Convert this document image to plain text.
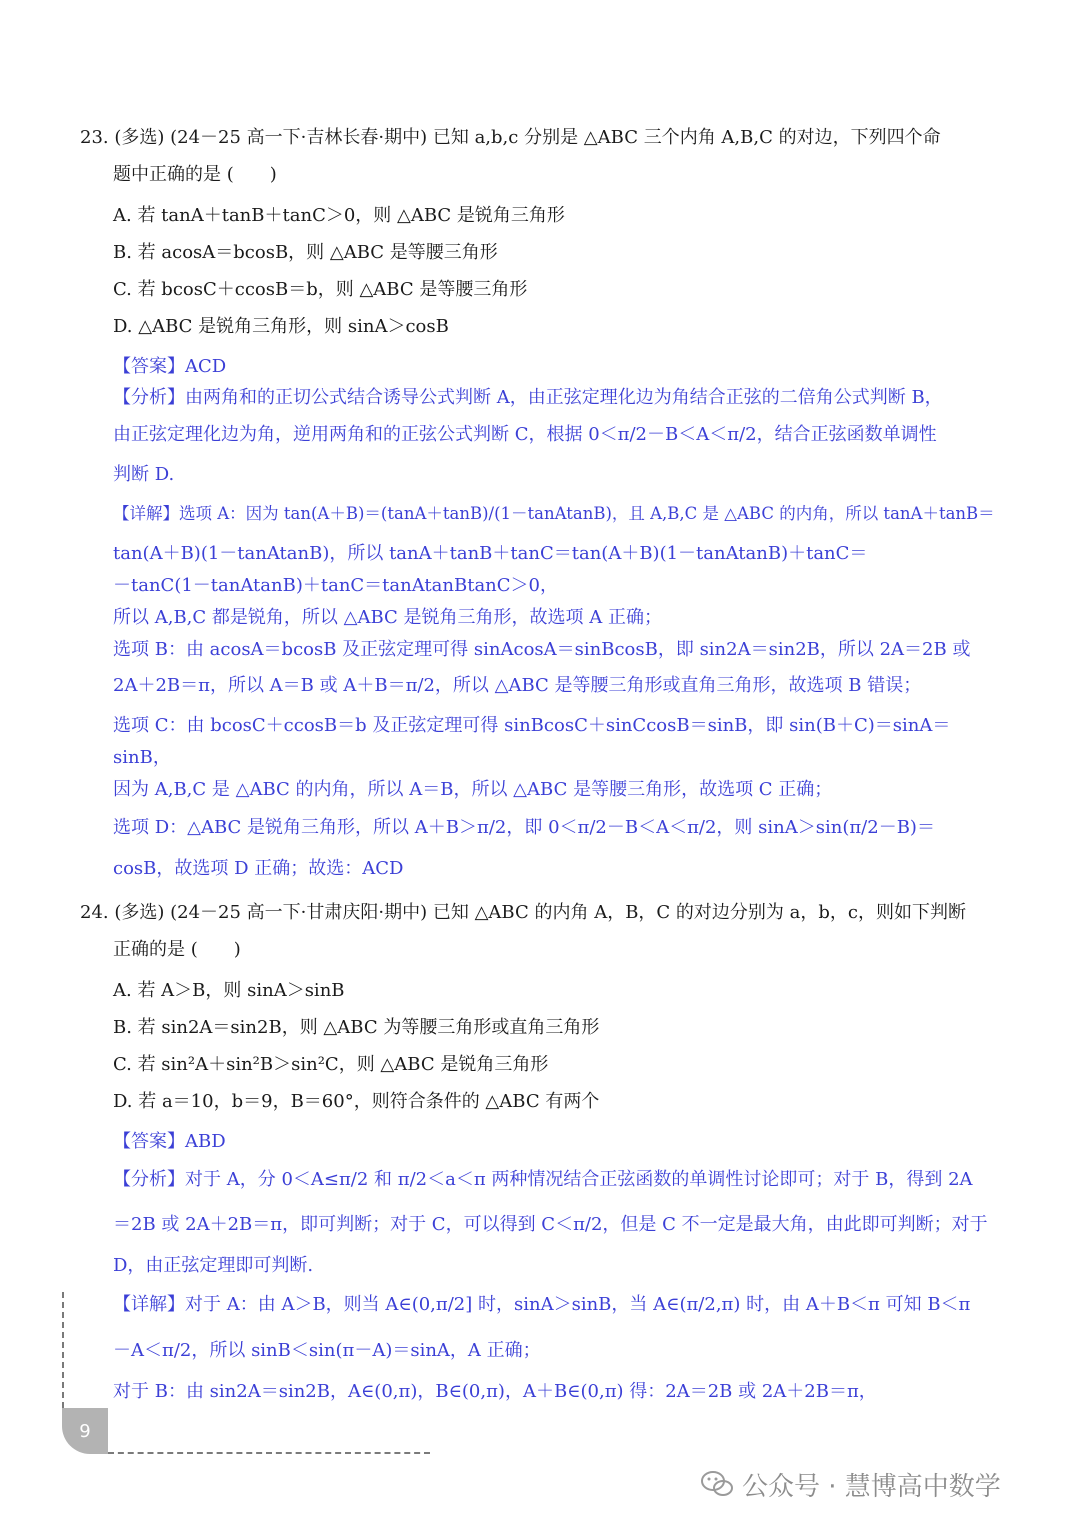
23. (多选) (24－25 高一下·吉林长春·期中) 已知 a,b,c 分别是 △ABC 三个内角 A,B,C 的对边，下列四个命
题中正确的是 (　　)
A. 若 tanA＋tanB＋tanC＞0，则 △ABC 是锐角三角形
B. 若 acosA＝bcosB，则 △ABC 是等腰三角形
C. 若 bcosC＋ccosB＝b，则 △ABC 是等腰三角形
D. △ABC 是锐角三角形，则 sinA＞cosB
【答案】ACD
【分析】由两角和的正切公式结合诱导公式判断 A，由正弦定理化边为角结合正弦的二倍角公式判断 B，
由正弦定理化边为角，逆用两角和的正弦公式判断 C，根据 0＜π/2－B＜A＜π/2，结合正弦函数单调性
判断 D.
【详解】选项 A：因为 tan(A＋B)＝(tanA＋tanB)/(1－tanAtanB)，且 A,B,C 是 △ABC 的内角，所以 tanA＋tanB＝
tan(A＋B)(1－tanAtanB)，所以 tanA＋tanB＋tanC＝tan(A＋B)(1－tanAtanB)＋tanC＝
－tanC(1－tanAtanB)＋tanC＝tanAtanBtanC＞0，
所以 A,B,C 都是锐角，所以 △ABC 是锐角三角形，故选项 A 正确；
选项 B：由 acosA＝bcosB 及正弦定理可得 sinAcosA＝sinBcosB，即 sin2A＝sin2B，所以 2A＝2B 或
2A＋2B＝π，所以 A＝B 或 A＋B＝π/2，所以 △ABC 是等腰三角形或直角三角形，故选项 B 错误；
选项 C：由 bcosC＋ccosB＝b 及正弦定理可得 sinBcosC＋sinCcosB＝sinB，即 sin(B＋C)＝sinA＝
sinB，
因为 A,B,C 是 △ABC 的内角，所以 A＝B，所以 △ABC 是等腰三角形，故选项 C 正确；
选项 D：△ABC 是锐角三角形，所以 A＋B＞π/2，即 0＜π/2－B＜A＜π/2，则 sinA＞sin(π/2－B)＝
cosB，故选项 D 正确；故选：ACD
24. (多选) (24－25 高一下·甘肃庆阳·期中) 已知 △ABC 的内角 A，B，C 的对边分别为 a，b，c，则如下判断
正确的是 (　　)
A. 若 A＞B，则 sinA＞sinB
B. 若 sin2A＝sin2B，则 △ABC 为等腰三角形或直角三角形
C. 若 sin²A＋sin²B＞sin²C，则 △ABC 是锐角三角形
D. 若 a＝10，b＝9，B＝60°，则符合条件的 △ABC 有两个
【答案】ABD
【分析】对于 A，分 0＜A≤π/2 和 π/2＜a＜π 两种情况结合正弦函数的单调性讨论即可；对于 B，得到 2A
＝2B 或 2A＋2B＝π，即可判断；对于 C，可以得到 C＜π/2，但是 C 不一定是最大角，由此即可判断；对于
D，由正弦定理即可判断.
【详解】对于 A：由 A＞B，则当 A∈(0,π/2] 时，sinA＞sinB，当 A∈(π/2,π) 时，由 A＋B＜π 可知 B＜π
－A＜π/2，所以 sinB＜sin(π－A)＝sinA，A 正确；
对于 B：由 sin2A＝sin2B，A∈(0,π)，B∈(0,π)，A＋B∈(0,π) 得：2A＝2B 或 2A＋2B＝π，
9
公众号 · 慧博高中数学
